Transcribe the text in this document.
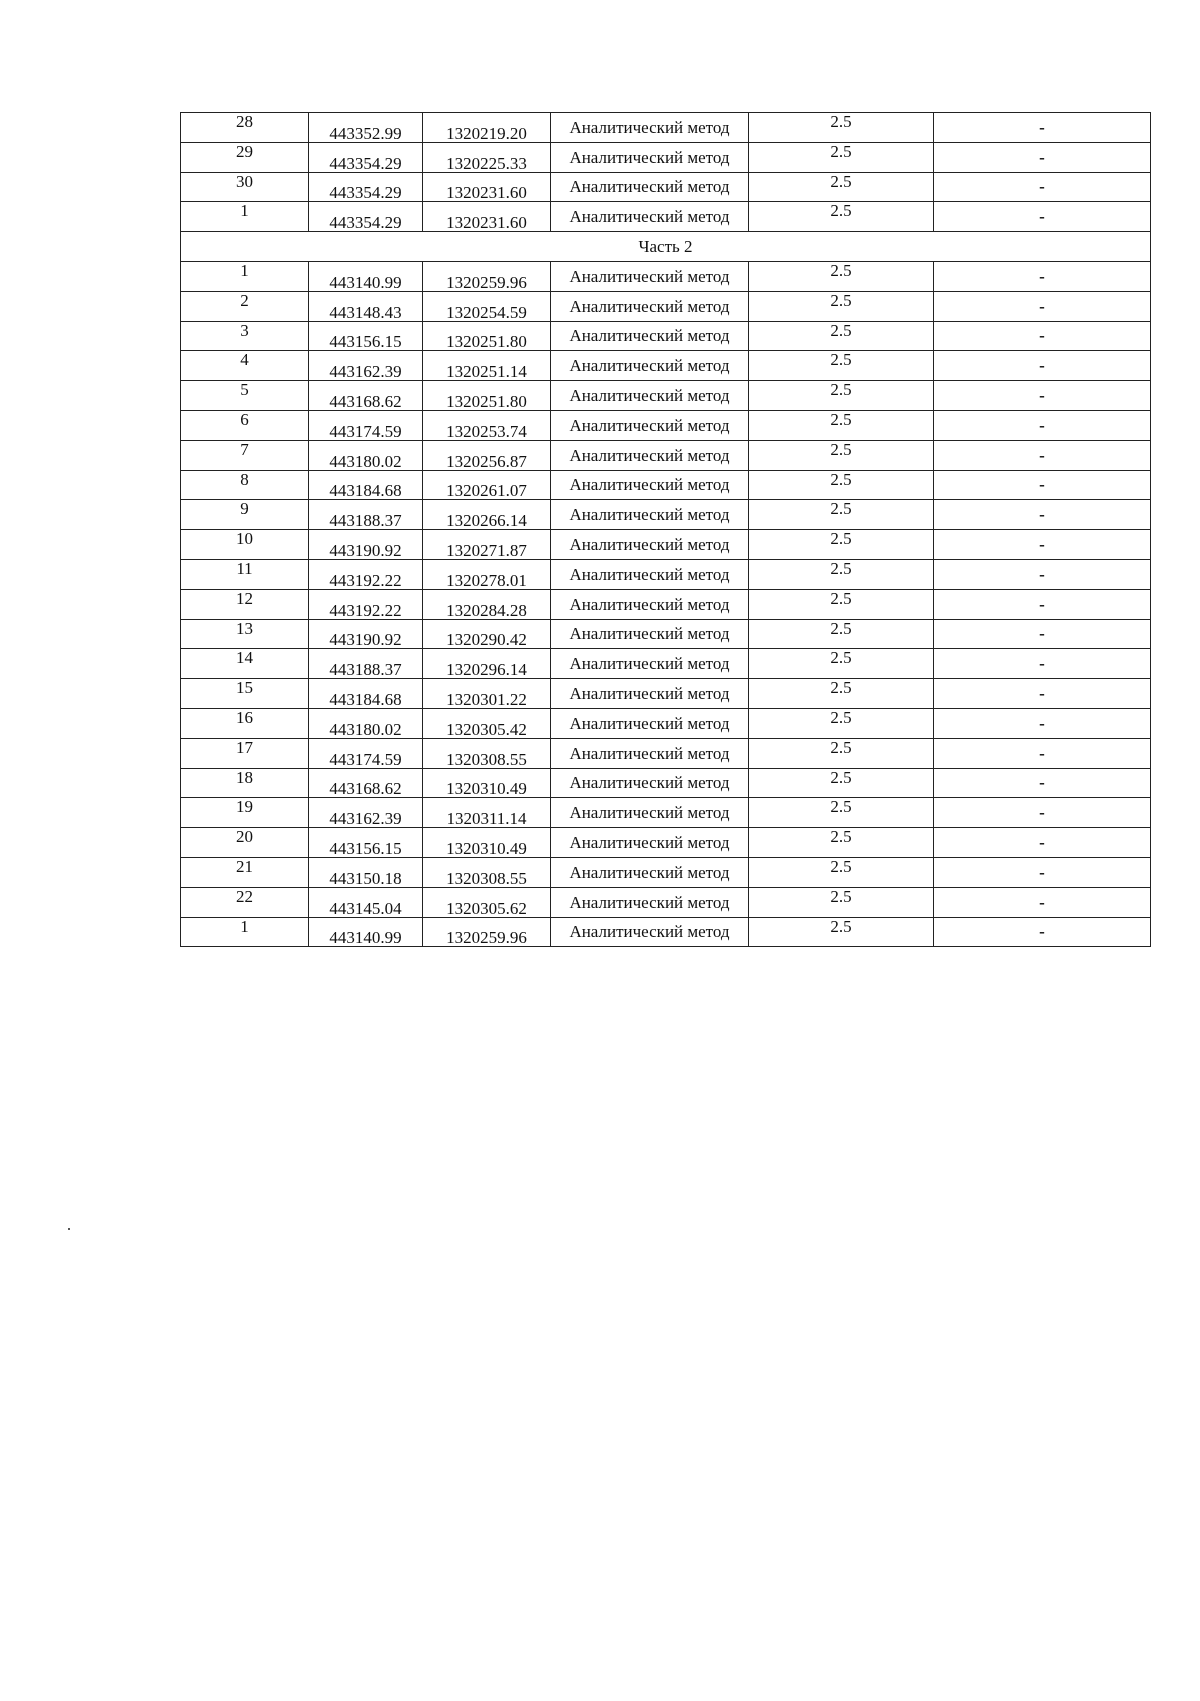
28	443352.99	1320219.20	Аналитический метод	2.5	-
29	443354.29	1320225.33	Аналитический метод	2.5	-
30	443354.29	1320231.60	Аналитический метод	2.5	-
1	443354.29	1320231.60	Аналитический метод	2.5	-
Часть 2					
1	443140.99	1320259.96	Аналитический метод	2.5	-
2	443148.43	1320254.59	Аналитический метод	2.5	-
3	443156.15	1320251.80	Аналитический метод	2.5	-
4	443162.39	1320251.14	Аналитический метод	2.5	-
5	443168.62	1320251.80	Аналитический метод	2.5	-
6	443174.59	1320253.74	Аналитический метод	2.5	-
7	443180.02	1320256.87	Аналитический метод	2.5	-
8	443184.68	1320261.07	Аналитический метод	2.5	-
9	443188.37	1320266.14	Аналитический метод	2.5	-
10	443190.92	1320271.87	Аналитический метод	2.5	-
11	443192.22	1320278.01	Аналитический метод	2.5	-
12	443192.22	1320284.28	Аналитический метод	2.5	-
13	443190.92	1320290.42	Аналитический метод	2.5	-
14	443188.37	1320296.14	Аналитический метод	2.5	-
15	443184.68	1320301.22	Аналитический метод	2.5	-
16	443180.02	1320305.42	Аналитический метод	2.5	-
17	443174.59	1320308.55	Аналитический метод	2.5	-
18	443168.62	1320310.49	Аналитический метод	2.5	-
19	443162.39	1320311.14	Аналитический метод	2.5	-
20	443156.15	1320310.49	Аналитический метод	2.5	-
21	443150.18	1320308.55	Аналитический метод	2.5	-
22	443145.04	1320305.62	Аналитический метод	2.5	-
1	443140.99	1320259.96	Аналитический метод	2.5	-
